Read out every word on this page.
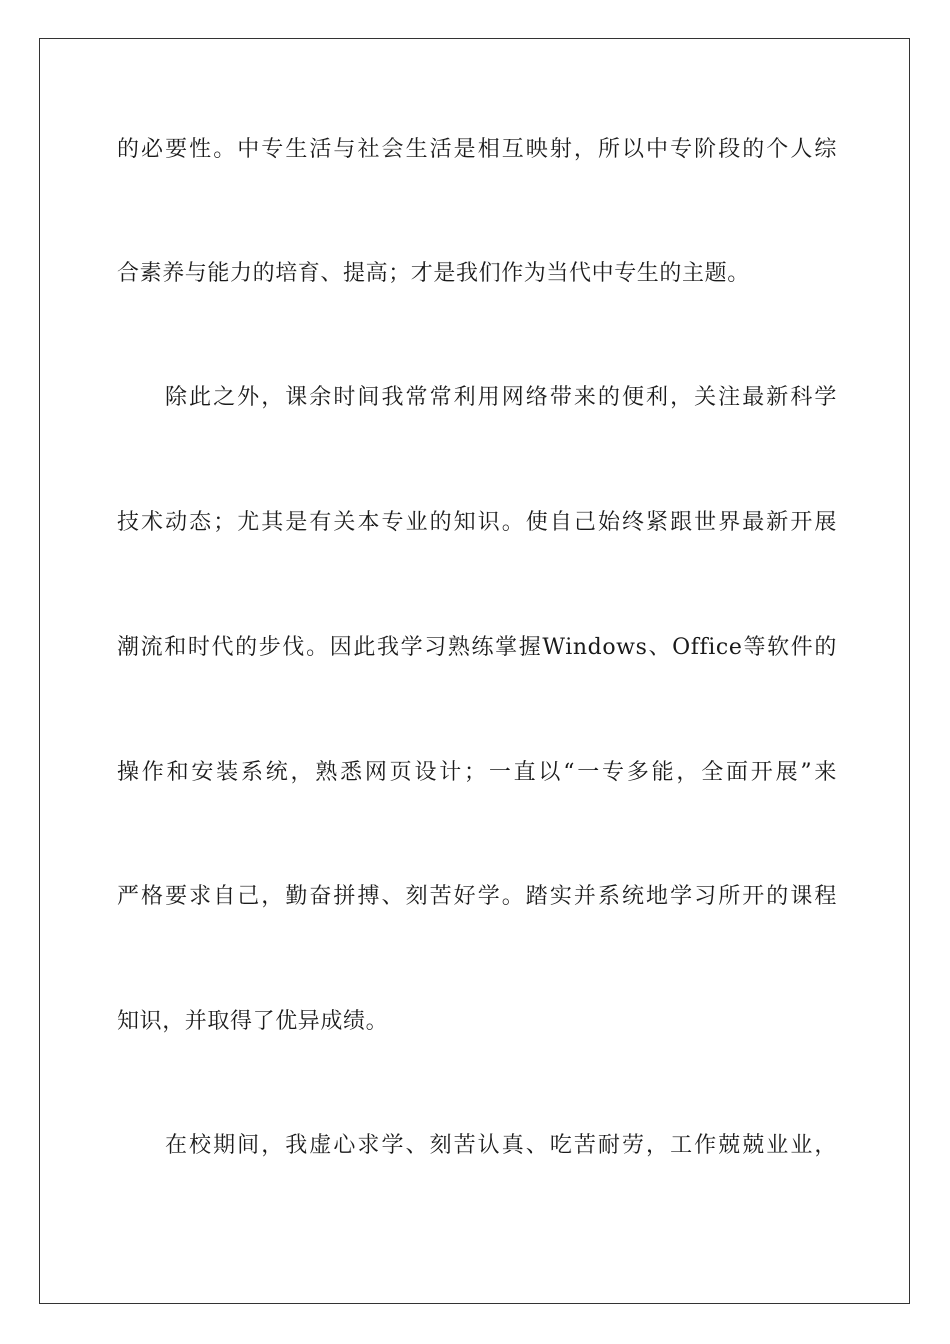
的必要性。中专生活与社会生活是相互映射，所以中专阶段的个人综
合素养与能力的培育、提高；才是我们作为当代中专生的主题。
除此之外，课余时间我常常利用网络带来的便利，关注最新科学
技术动态；尤其是有关本专业的知识。使自己始终紧跟世界最新开展
潮流和时代的步伐。因此我学习熟练掌握Windows、Office等软件的
操作和安装系统，熟悉网页设计；一直以“一专多能，全面开展”来
严格要求自己，勤奋拼搏、刻苦好学。踏实并系统地学习所开的课程
知识，并取得了优异成绩。
在校期间，我虚心求学、刻苦认真、吃苦耐劳，工作兢兢业业，
